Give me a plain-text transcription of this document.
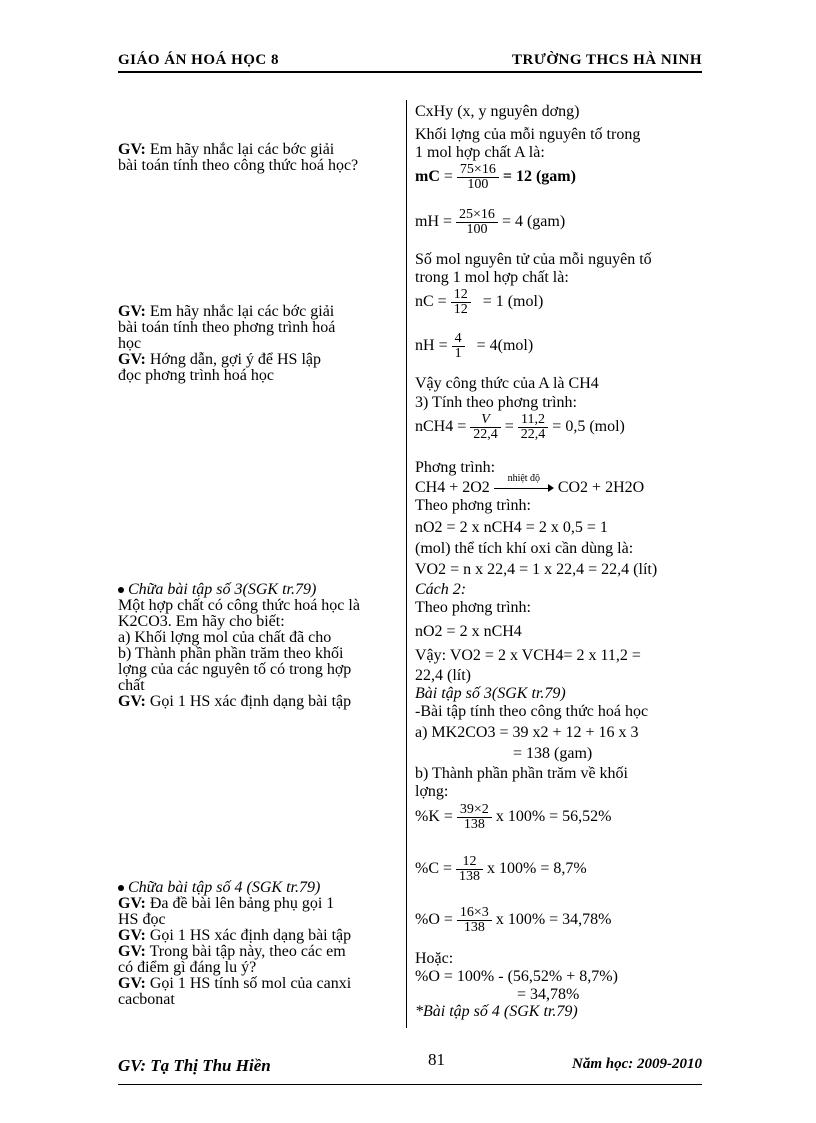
GIÁO ÁN HOÁ HỌC 8	TRƯỜNG THCS HÀ NINH
GV: Em hãy nhắc lại các bớc giải
bài toán tính theo công thức hoá học?
GV: Em hãy nhắc lại các bớc giải
bài toán tính theo phơng trình hoá
học
GV: Hớng dẫn, gợi ý để HS lập
đọc phơng trình hoá học
Chữa bài tập số 3(SGK tr.79)
Một hợp chất có công thức hoá học là
K2CO3. Em hãy cho biết:
a) Khối lợng mol của chất đã cho
b) Thành phần phần trăm theo khối
lợng của các nguyên tố có trong hợp
chất
GV: Gọi 1 HS xác định dạng bài tập
Chữa bài tập số 4 (SGK tr.79)
GV: Đa đề bài lên bảng phụ gọi 1
HS đọc
GV: Gọi 1 HS xác định dạng bài tập
GV: Trong bài tập này, theo các em
có điểm gì đáng lu ý?
GV: Gọi 1 HS tính số mol của canxi
cacbonat
CxHy (x, y nguyên dơng)
Khối lợng của mỗi nguyên tố trong
1 mol hợp chất A là:
mC = $\frac{75\times 16}{100} = 12$ (gam)
mH = $\frac{25\times 16}{100} = 4$ (gam)
Số mol nguyên tử của mỗi nguyên tố
trong 1 mol hợp chất là:
nC = $\frac{12}{12} = 1$ (mol)
nH = $\frac{4}{1} = 4(mol)$
Vậy công thức của A là CH4
3) Tính theo phơng trình:
$nCH4 = \frac{V}{22,4} = \frac{11,2}{22,4} = 0,5$ (mol)
Phơng trình:
CH4 + 2O2
nhiệt độ
CO2 + 2H2O
Theo phơng trình:
nO2 = 2 x nCH4 = 2 x 0,5 = 1
(mol) thể tích khí oxi cần dùng là:
VO2 = n x 22,4 = 1 x 22,4 = 22,4 (lít)
Cách 2:
Theo phơng trình:
nO2 = 2 x nCH4
Vậy: VO2 = 2 x VCH4= 2 x 11,2 =
22,4 (lít)
Bài tập số 3(SGK tr.79)
-Bài tập tính theo công thức hoá học
a) MK2CO3 = 39 x2 + 12 + 16 x 3
= 138 (gam)
b) Thành phần phần trăm về khối
lợng:
$\%K = \frac{39\times 2}{138}$ x 100% = 56,52%
$\%C = \frac{12}{138}$ x 100% = 8,7%
$\%O = \frac{16\times 3}{138}$ x 100% = 34,78%
Hoặc:
%O = 100% - (56,52% + 8,7%)
= 34,78%
*Bài tập số 4 (SGK tr.79)
GV: Tạ Thị Thu Hiền	81	Năm học: 2009-2010
